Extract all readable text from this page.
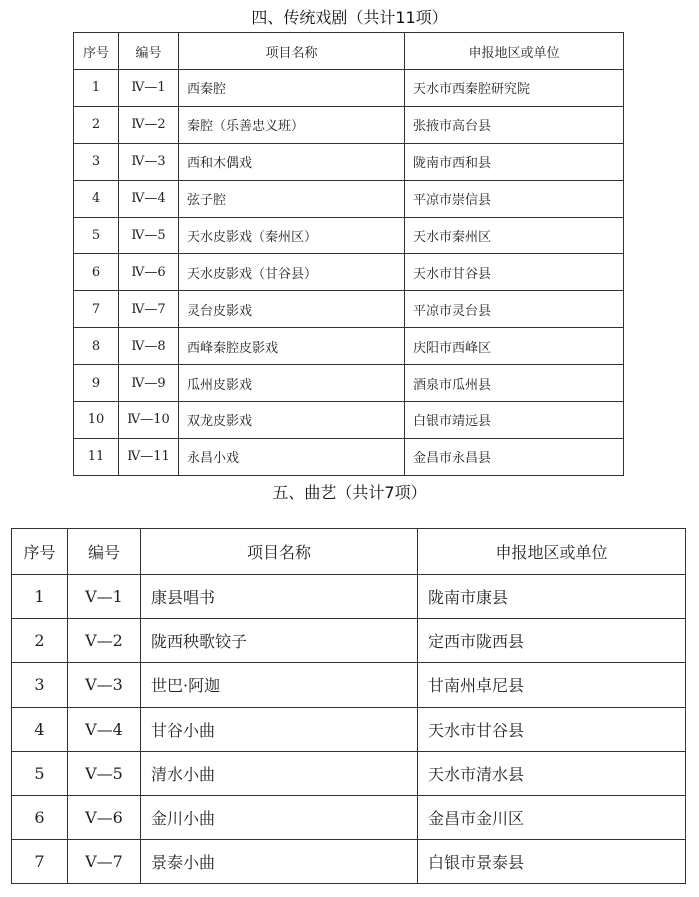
四、传统戏剧（共计11项）
序号	编号	项目名称	申报地区或单位
1	Ⅳ—1	西秦腔	天水市西秦腔研究院
2	Ⅳ—2	秦腔（乐善忠义班）	张掖市高台县
3	Ⅳ—3	西和木偶戏	陇南市西和县
4	Ⅳ—4	弦子腔	平凉市崇信县
5	Ⅳ—5	天水皮影戏（秦州区）	天水市秦州区
6	Ⅳ—6	天水皮影戏（甘谷县）	天水市甘谷县
7	Ⅳ—7	灵台皮影戏	平凉市灵台县
8	Ⅳ—8	西峰秦腔皮影戏	庆阳市西峰区
9	Ⅳ—9	瓜州皮影戏	酒泉市瓜州县
10	Ⅳ—10	双龙皮影戏	白银市靖远县
11	Ⅳ—11	永昌小戏	金昌市永昌县
五、曲艺（共计7项）
序号	编号	项目名称	申报地区或单位
1	Ⅴ—1	康县唱书	陇南市康县
2	Ⅴ—2	陇西秧歌铰子	定西市陇西县
3	Ⅴ—3	世巴·阿迦	甘南州卓尼县
4	Ⅴ—4	甘谷小曲	天水市甘谷县
5	Ⅴ—5	清水小曲	天水市清水县
6	Ⅴ—6	金川小曲	金昌市金川区
7	Ⅴ—7	景泰小曲	白银市景泰县
